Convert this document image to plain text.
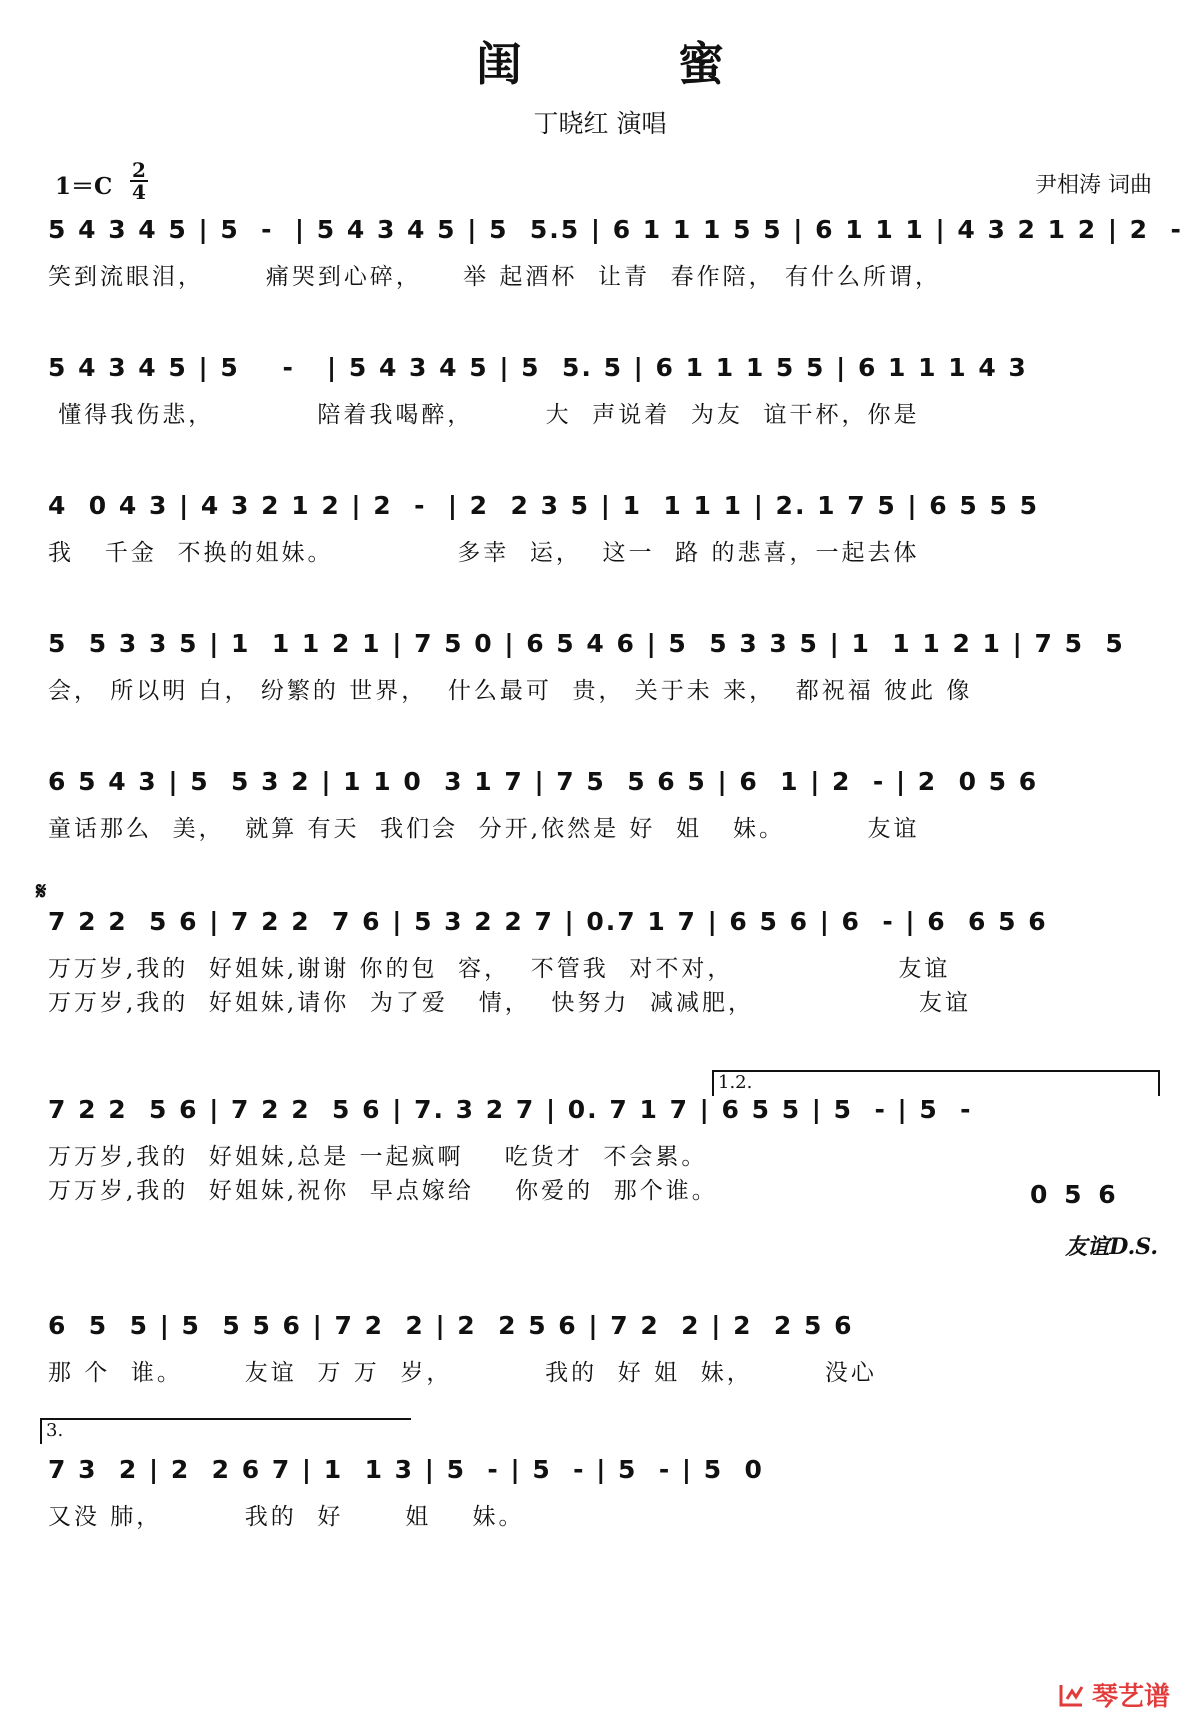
闺 蜜
丁晓红 演唱
1＝C
2
4	尹相涛 词曲
5 4 3 4 5 | 5  -  | 5 4 3 4 5 | 5  5.5 | 6 1 1 1 5 5 | 6 1 1 1 | 4 3 2 1 2 | 2  -
笑到流眼泪，      痛哭到心碎，    举 起酒杯  让青  春作陪， 有什么所谓，
5 4 3 4 5 | 5    -   | 5 4 3 4 5 | 5  5. 5 | 6 1 1 1 5 5 | 6 1 1 1 4 3
懂得我伤悲，          陪着我喝醉，       大  声说着  为友  谊干杯，你是
4  0 4 3 | 4 3 2 1 2 | 2  -  | 2  2 3 5 | 1  1 1 1 | 2. 1 7 5 | 6 5 5 5
我   千金  不换的姐妹。            多幸  运，  这一  路 的悲喜，一起去体
5  5 3 3 5 | 1  1 1 2 1 | 7 5 0 | 6 5 4 6 | 5  5 3 3 5 | 1  1 1 2 1 | 7 5  5
会， 所以明 白， 纷繁的 世界，  什么最可  贵， 关于未 来，  都祝福 彼此 像
6 5 4 3 | 5  5 3 2 | 1 1 0  3 1 7 | 7 5  5 6 5 | 6  1 | 2  - | 2  0 5 6
童话那么  美，  就算 有天  我们会  分开,依然是 好  姐   妹。        友谊
𝄋
7 2 2  5 6 | 7 2 2  7 6 | 5 3 2 2 7 | 0.7 1 7 | 6 5 6 | 6  - | 6  6 5 6
万万岁,我的  好姐妹,谢谢 你的包  容，  不管我  对不对，                友谊
万万岁,我的  好姐妹,请你  为了爱   情，  快努力  减减肥，                友谊
1.2.
7 2 2  5 6 | 7 2 2  5 6 | 7. 3 2 7 | 0. 7 1 7 | 6 5 5 | 5  - | 5  -
万万岁,我的  好姐妹,总是 一起疯啊    吃货才  不会累。
万万岁,我的  好姐妹,祝你  早点嫁给    你爱的  那个谁。	0 5 6
友谊D.S.
3.
6  5  5 | 5  5 5 6 | 7 2  2 | 2  2 5 6 | 7 2  2 | 2  2 5 6
那 个  谁。      友谊  万 万  岁，         我的  好 姐  妹，       没心
7 3  2 | 2  2 6 7 | 1  1 3 | 5  - | 5  - | 5  - | 5  0
又没 肺，        我的  好      姐    妹。
琴艺谱
